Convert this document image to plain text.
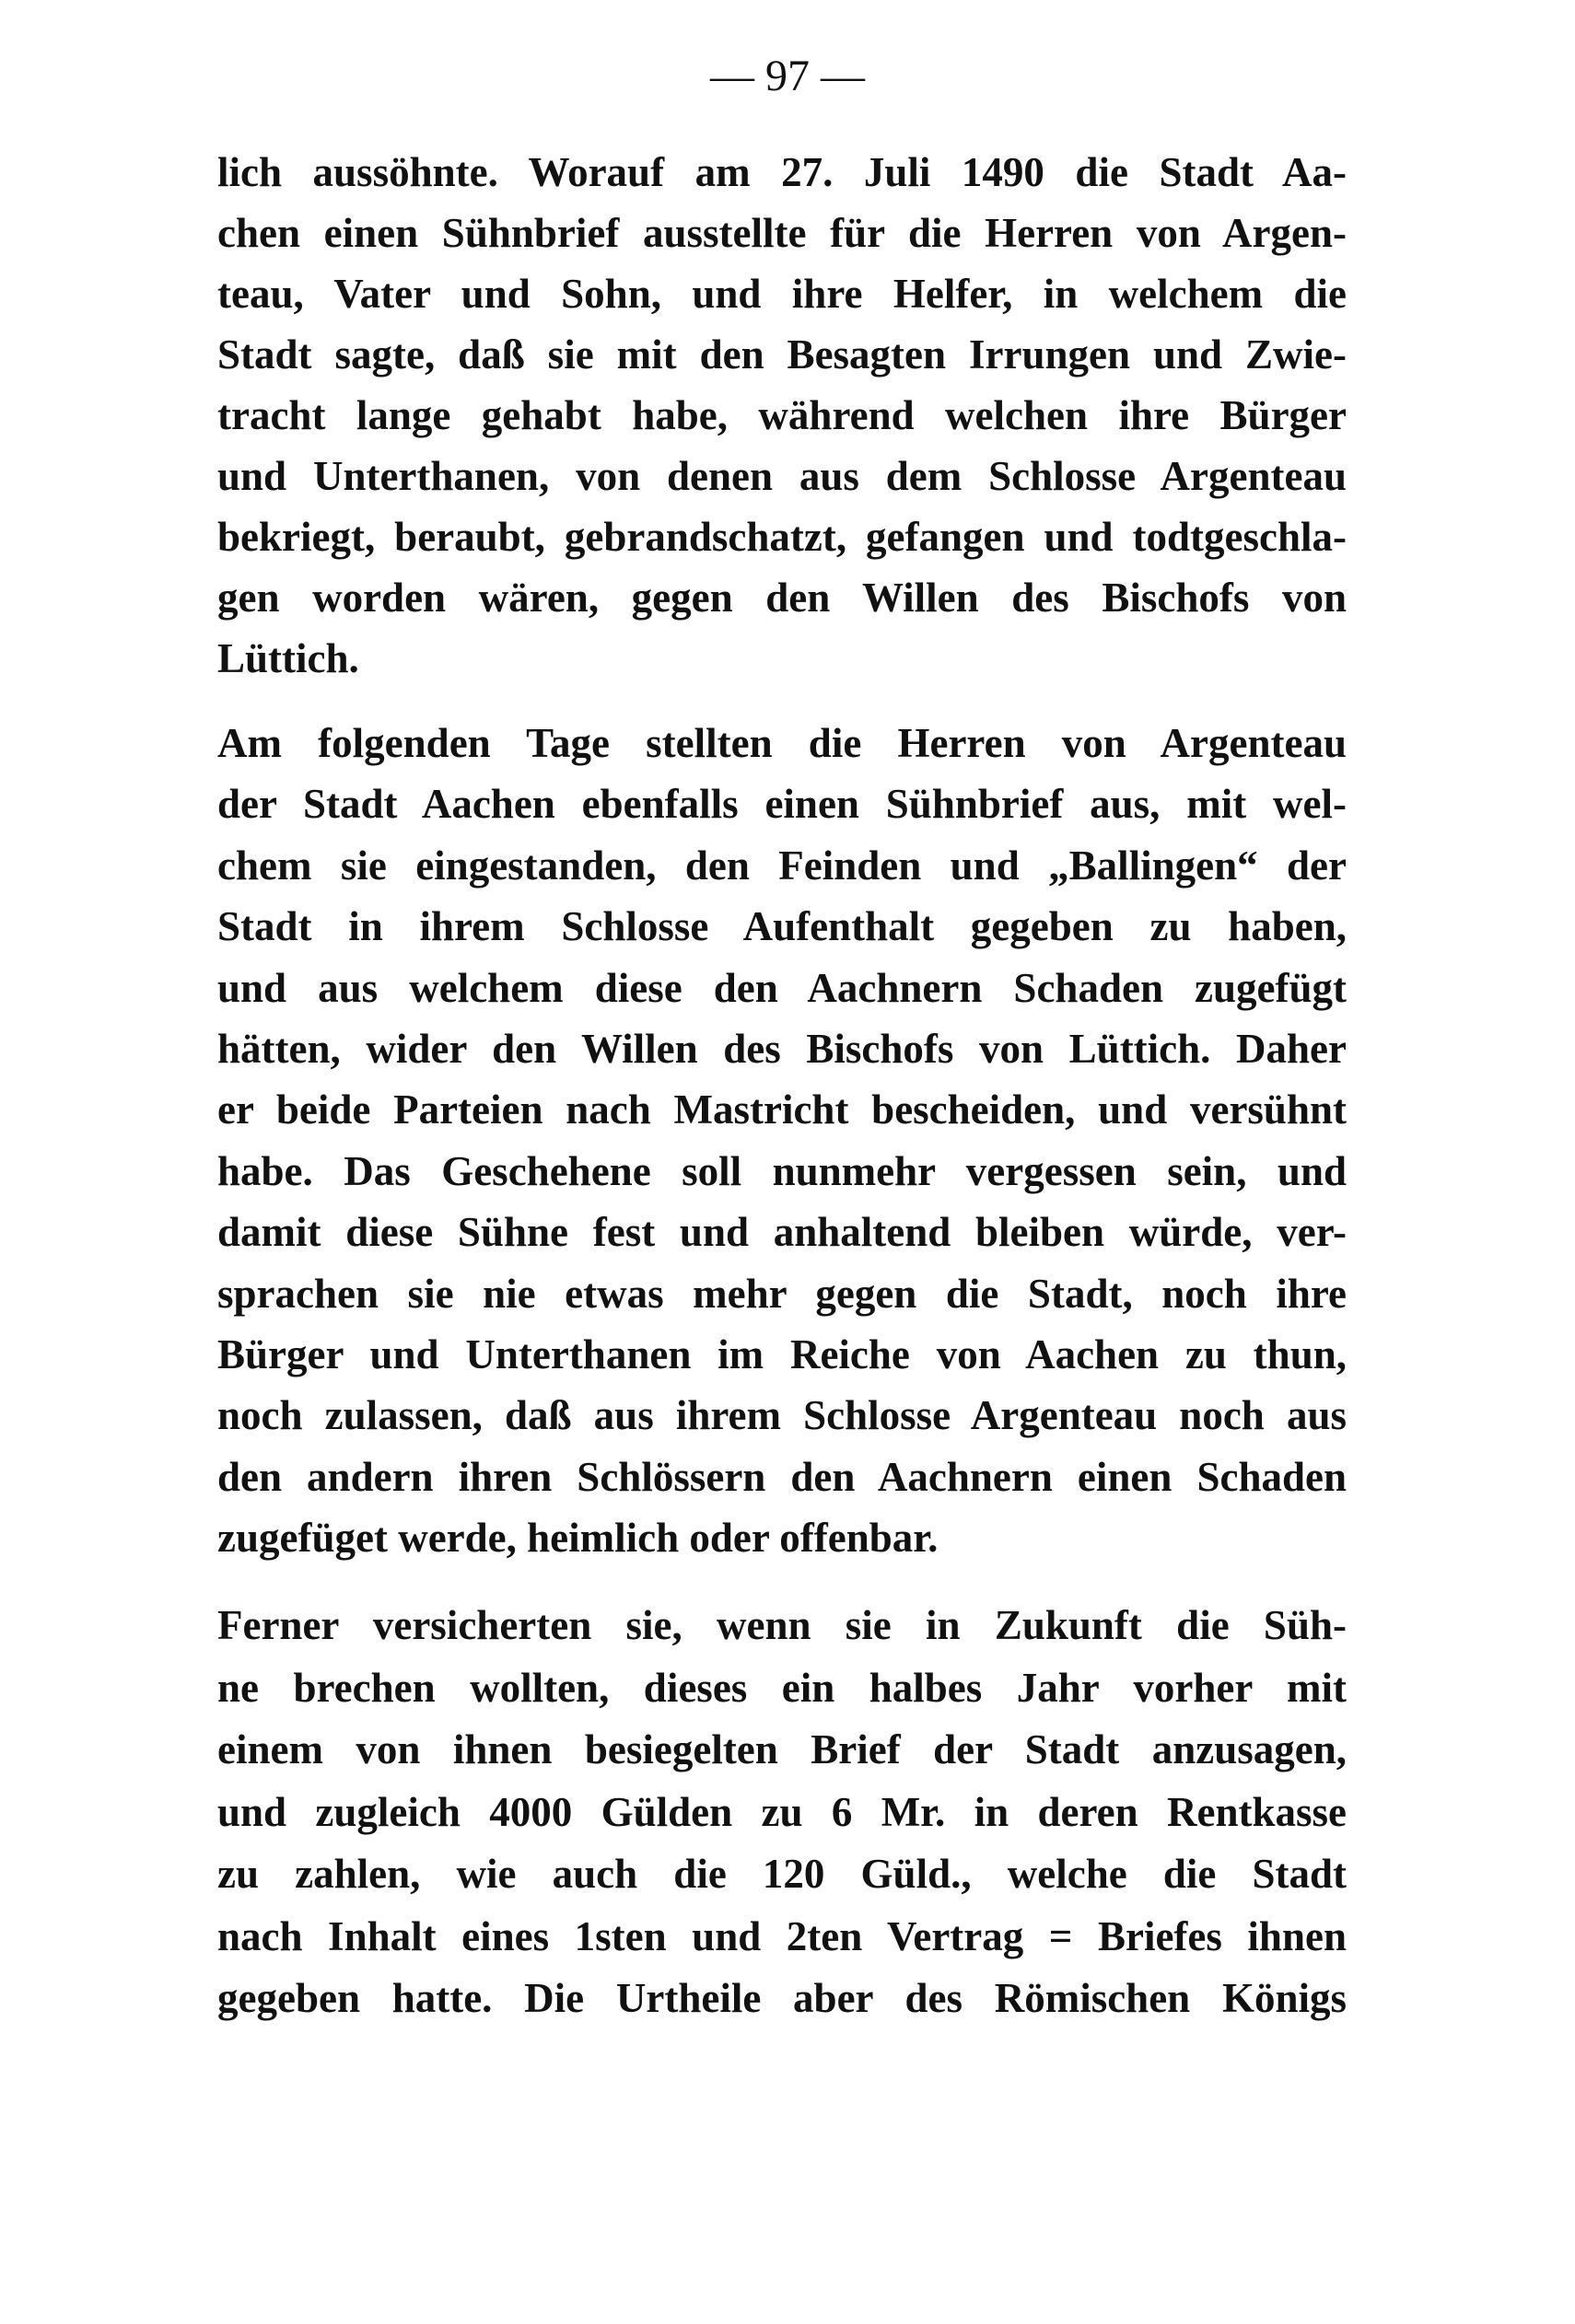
— 97 —
lich aussöhnte. Worauf am 27. Juli 1490 die Stadt Aa-
chen einen Sühnbrief ausstellte für die Herren von Argen-
teau, Vater und Sohn, und ihre Helfer, in welchem die
Stadt sagte, daß sie mit den Besagten Irrungen und Zwie-
tracht lange gehabt habe, während welchen ihre Bürger
und Unterthanen, von denen aus dem Schlosse Argenteau
bekriegt, beraubt, gebrandschatzt, gefangen und todtgeschla-
gen worden wären, gegen den Willen des Bischofs von
Lüttich.
Am folgenden Tage stellten die Herren von Argenteau
der Stadt Aachen ebenfalls einen Sühnbrief aus, mit wel-
chem sie eingestanden, den Feinden und „Ballingen“ der
Stadt in ihrem Schlosse Aufenthalt gegeben zu haben,
und aus welchem diese den Aachnern Schaden zugefügt
hätten, wider den Willen des Bischofs von Lüttich. Daher
er beide Parteien nach Mastricht bescheiden, und versühnt
habe. Das Geschehene soll nunmehr vergessen sein, und
damit diese Sühne fest und anhaltend bleiben würde, ver-
sprachen sie nie etwas mehr gegen die Stadt, noch ihre
Bürger und Unterthanen im Reiche von Aachen zu thun,
noch zulassen, daß aus ihrem Schlosse Argenteau noch aus
den andern ihren Schlössern den Aachnern einen Schaden
zugefüget werde, heimlich oder offenbar.
Ferner versicherten sie, wenn sie in Zukunft die Süh-
ne brechen wollten, dieses ein halbes Jahr vorher mit
einem von ihnen besiegelten Brief der Stadt anzusagen,
und zugleich 4000 Gülden zu 6 Mr. in deren Rentkasse
zu zahlen, wie auch die 120 Güld., welche die Stadt
nach Inhalt eines 1sten und 2ten Vertrag = Briefes ihnen
gegeben hatte. Die Urtheile aber des Römischen Königs
